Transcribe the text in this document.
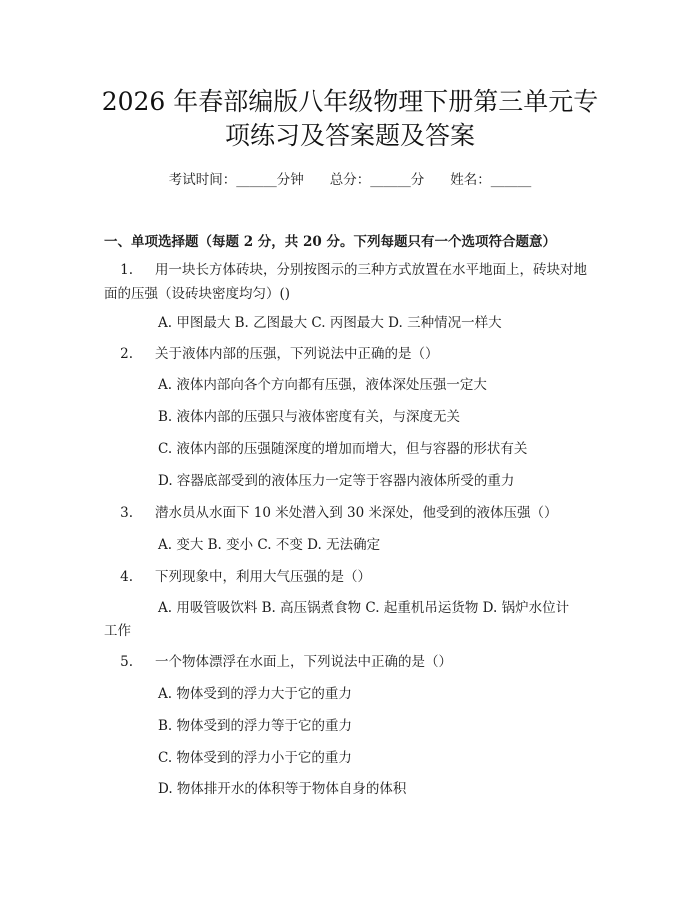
2026 年春部编版八年级物理下册第三单元专
项练习及答案题及答案
考试时间：______分钟 总分：______分 姓名：______
一、单项选择题（每题 2 分，共 20 分。下列每题只有一个选项符合题意）
1. 用一块长方体砖块，分别按图示的三种方式放置在水平地面上，砖块对地
面的压强（设砖块密度均匀）()
A. 甲图最大 B. 乙图最大 C. 丙图最大 D. 三种情况一样大
2. 关于液体内部的压强，下列说法中正确的是（）
A. 液体内部向各个方向都有压强，液体深处压强一定大
B. 液体内部的压强只与液体密度有关，与深度无关
C. 液体内部的压强随深度的增加而增大，但与容器的形状有关
D. 容器底部受到的液体压力一定等于容器内液体所受的重力
3. 潜水员从水面下 10 米处潜入到 30 米深处，他受到的液体压强（）
A. 变大 B. 变小 C. 不变 D. 无法确定
4. 下列现象中，利用大气压强的是（）
A. 用吸管吸饮料 B. 高压锅煮食物 C. 起重机吊运货物 D. 锅炉水位计
工作
5. 一个物体漂浮在水面上，下列说法中正确的是（）
A. 物体受到的浮力大于它的重力
B. 物体受到的浮力等于它的重力
C. 物体受到的浮力小于它的重力
D. 物体排开水的体积等于物体自身的体积
